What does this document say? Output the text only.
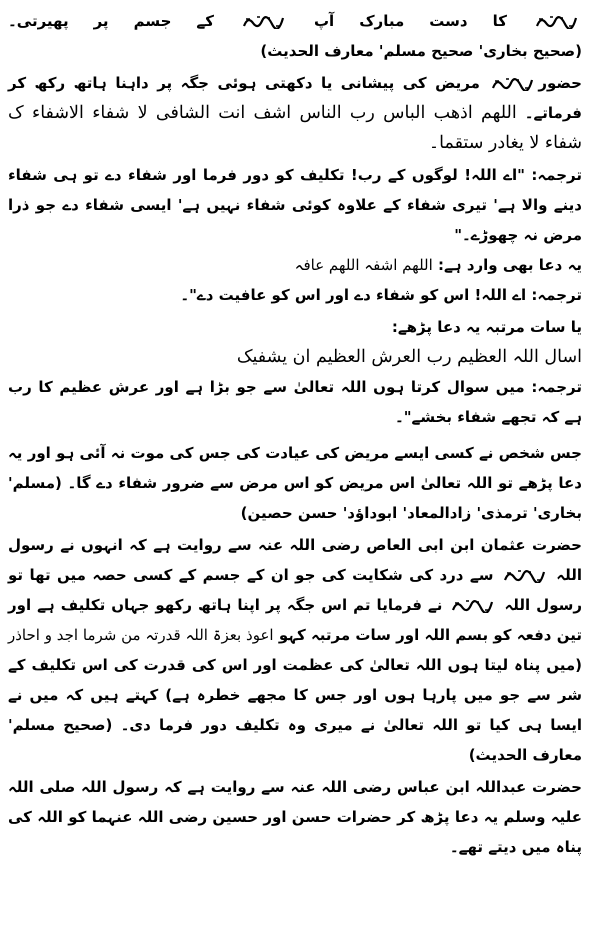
کا دست مبارک آپ
کے جسم پر پھیرتی۔ (صحیح بخاری' صحیح مسلم' معارف الحدیث)

حضور
مریض کی پیشانی یا دکھتی ہوئی جگہ پر داہنا ہاتھ رکھ کر فرماتے۔ اللھم اذھب الباس رب الناس اشف انت الشافی لا شفاء الاشفاء ک شفاء لا یغادر ستقما۔

ترجمہ: "اے اللہ! لوگوں کے رب! تکلیف کو دور فرما اور شفاء دے تو ہی شفاء دینے والا ہے' تیری شفاء کے علاوہ کوئی شفاء نہیں ہے' ایسی شفاء دے جو ذرا مرض نہ چھوڑے۔"

یہ دعا بھی وارد ہے: اللھم اشفہ اللھم عافہ

ترجمہ: اے اللہ! اس کو شفاء دے اور اس کو عافیت دے"۔

یا سات مرتبہ یہ دعا پڑھے:

اسال اللہ العظیم رب العرش العظیم ان یشفیک

ترجمہ: میں سوال کرتا ہوں اللہ تعالیٰ سے جو بڑا ہے اور عرش عظیم کا رب ہے کہ تجھے شفاء بخشے"۔

جس شخص نے کسی ایسے مریض کی عیادت کی جس کی موت نہ آئی ہو اور یہ دعا پڑھے تو اللہ تعالیٰ اس مریض کو اس مرض سے ضرور شفاء دے گا۔ (مسلم' بخاری' ترمذی' زادالمعاد' ابوداؤد' حسن حصین)

حضرت عثمان ابن ابی العاص رضی اللہ عنہ سے روایت ہے کہ انہوں نے رسول اللہ
سے درد کی شکایت کی جو ان کے جسم کے کسی حصہ میں تھا تو رسول اللہ
نے فرمایا تم اس جگہ پر اپنا ہاتھ رکھو جہاں تکلیف ہے اور تین دفعہ کو بسم اللہ اور سات مرتبہ کہو اعوذ بعزۃ اللہ قدرتہ من شرما اجد و احاذر (میں پناہ لیتا ہوں اللہ تعالیٰ کی عظمت اور اس کی قدرت کی اس تکلیف کے شر سے جو میں پارہا ہوں اور جس کا مجھے خطرہ ہے) کہتے ہیں کہ میں نے ایسا ہی کیا تو اللہ تعالیٰ نے میری وہ تکلیف دور فرما دی۔ (صحیح مسلم' معارف الحدیث)

حضرت عبداللہ ابن عباس رضی اللہ عنہ سے روایت ہے کہ رسول اللہ صلی اللہ علیہ وسلم یہ دعا پڑھ کر حضرات حسن اور حسین رضی اللہ عنہما کو اللہ کی پناہ میں دیتے تھے۔
